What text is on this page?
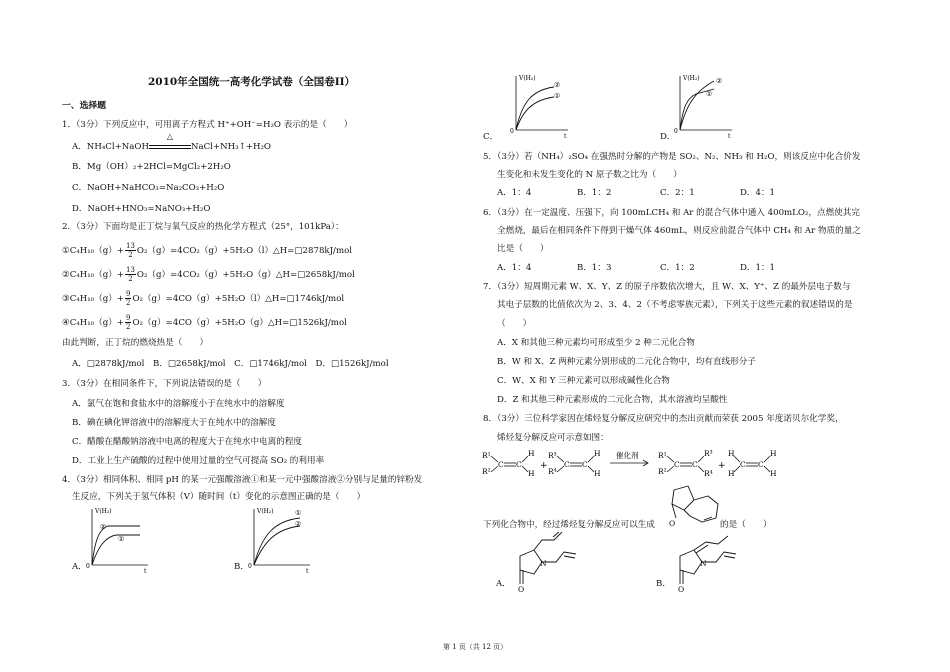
2010年全国统一高考化学试卷（全国卷II）
一、选择题
1．（3分）下列反应中，可用离子方程式 H⁺+OH⁻=H₂O 表示的是（　　）
A．NH₄Cl+NaOH
△
NaCl+NH₃↑+H₂O
B．Mg（OH）₂+2HCl=MgCl₂+2H₂O
C．NaOH+NaHCO₃=Na₂CO₃+H₂O
D．NaOH+HNO₃=NaNO₃+H₂O
2．（3分）下面均是正丁烷与氧气反应的热化学方程式（25°，101kPa）：
①C₄H₁₀（g）+ $\frac{13}{2}$ O₂（g）=4CO₂（g）+5H₂O（l）△H=□2878kJ/mol
②C₄H₁₀（g）+ $\frac{13}{2}$ O₂（g）=4CO₂（g）+5H₂O（g）△H=□2658kJ/mol
③C₄H₁₀（g）+ $\frac{9}{2}$ O₂（g）=4CO（g）+5H₂O（l）△H=□1746kJ/mol
④C₄H₁₀（g）+ $\frac{9}{2}$ O₂（g）=4CO（g）+5H₂O（g）△H=□1526kJ/mol
由此判断，正丁烷的燃烧热是（　　）
A．□2878kJ/mol　B．□2658kJ/mol　C．□1746kJ/mol　D．□1526kJ/mol
3．（3分）在相同条件下，下列说法错误的是（　　）
A．氯气在饱和食盐水中的溶解度小于在纯水中的溶解度
B．碘在碘化钾溶液中的溶解度大于在纯水中的溶解度
C．醋酸在醋酸钠溶液中电离的程度大于在纯水中电离的程度
D．工业上生产硫酸的过程中使用过量的空气可提高 SO₂ 的利用率
4．（3分）相同体积、相同 pH 的某一元强酸溶液①和某一元中强酸溶液②分别与足量的锌粉发
生反应，下列关于氢气体积（V）随时间（t）变化的示意图正确的是（　　）
A．
V(H₂)
0
t
②
①
B．
V(H₂)
0
t
①
②
V(H₂)
0
t
②
①
C．
V(H₂)
0
t
②
①
D．
5．（3分）若（NH₄）₂SO₄ 在强热时分解的产物是 SO₂、N₂、NH₃ 和 H₂O，则该反应中化合价发
生变化和未发生变化的 N 原子数之比为（　　）
A．1：4	B．1：2	C．2：1	D．4：1
6．（3分）在一定温度、压强下，向 100mLCH₄ 和 Ar 的混合气体中通入 400mLO₂，点燃使其完
全燃烧，最后在相同条件下得到干燥气体 460mL，则反应前混合气体中 CH₄ 和 Ar 物质的量之
比是（　　）
A．1：4	B．1：3	C．1：2	D．1：1
7．（3分）短周期元素 W、X、Y、Z 的原子序数依次增大，且 W、X、Y⁺、Z 的最外层电子数与
其电子层数的比值依次为 2、3、4、2（不考虑零族元素），下列关于这些元素的叙述错误的是
（　　）
A．X 和其他三种元素均可形成至少 2 种二元化合物
B．W 和 X、Z 两种元素分别形成的二元化合物中，均有直线形分子
C．W、X 和 Y 三种元素可以形成碱性化合物
D．Z 和其他三种元素形成的二元化合物，其水溶液均呈酸性
8．（3分）三位科学家因在烯烃复分解反应研究中的杰出贡献而荣获 2005 年度诺贝尔化学奖，
烯烃复分解反应可示意如图：
R¹
R²
C C
H
H
+
R³
R⁴
C C
H
H
催化剂	R¹
R²
C C
R³
R⁴
+
H
H
C C
H
H
O
下列化合物中，经过烯烃复分解反应可以生成	的是（　　）
A．
O
N
B．
O
N
第 1 页（共 12 页）
